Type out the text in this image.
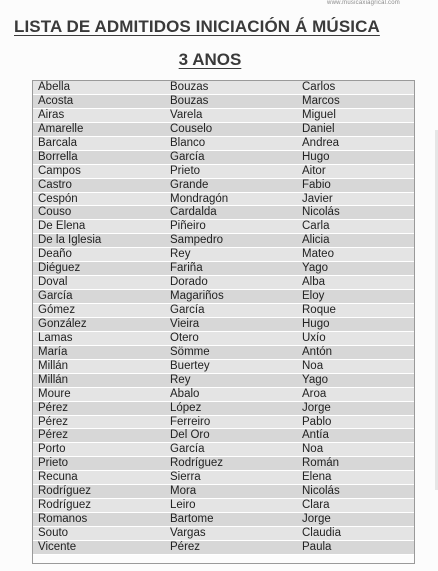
www.musicaxiagrical.com
LISTA DE ADMITIDOS INICIACIÓN Á MÚSICA
3 ANOS
Abella	Bouzas	Carlos
Acosta	Bouzas	Marcos
Airas	Varela	Miguel
Amarelle	Couselo	Daniel
Barcala	Blanco	Andrea
Borrella	García	Hugo
Campos	Prieto	Aitor
Castro	Grande	Fabio
Cespón	Mondragón	Javier
Couso	Cardalda	Nicolás
De Elena	Piñeiro	Carla
De la Iglesia	Sampedro	Alicia
Deaño	Rey	Mateo
Diéguez	Fariña	Yago
Doval	Dorado	Alba
García	Magariños	Eloy
Gómez	García	Roque
González	Vieira	Hugo
Lamas	Otero	Uxío
María	Sömme	Antón
Millán	Buertey	Noa
Millán	Rey	Yago
Moure	Abalo	Aroa
Pérez	López	Jorge
Pérez	Ferreiro	Pablo
Pérez	Del Oro	Antía
Porto	García	Noa
Prieto	Rodríguez	Román
Recuna	Sierra	Elena
Rodríguez	Mora	Nicolás
Rodríguez	Leiro	Clara
Romanos	Bartome	Jorge
Souto	Vargas	Claudia
Vicente	Pérez	Paula
